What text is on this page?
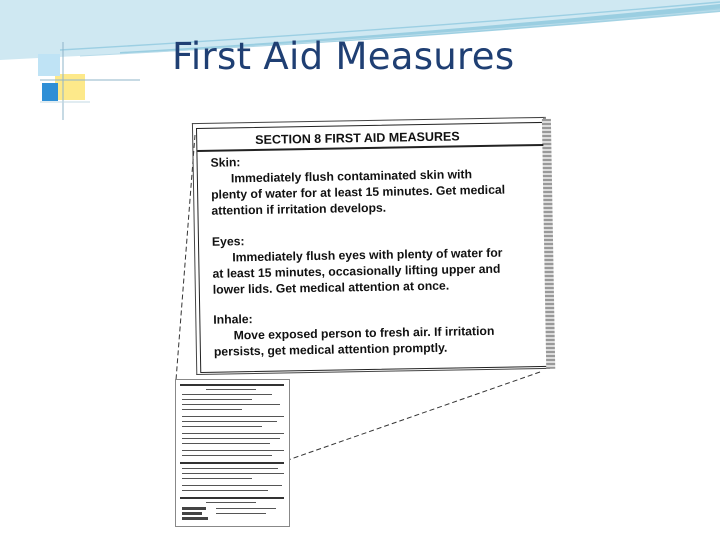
First Aid Measures
SECTION 8 FIRST AID MEASURES
Skin:
Immediately flush contaminated skin with
plenty of water for at least 15 minutes. Get medical
attention if irritation develops.
Eyes:
Immediately flush eyes with plenty of water for
at least 15 minutes, occasionally lifting upper and
lower lids. Get medical attention at once.
Inhale:
Move exposed person to fresh air. If irritation
persists, get medical attention promptly.
